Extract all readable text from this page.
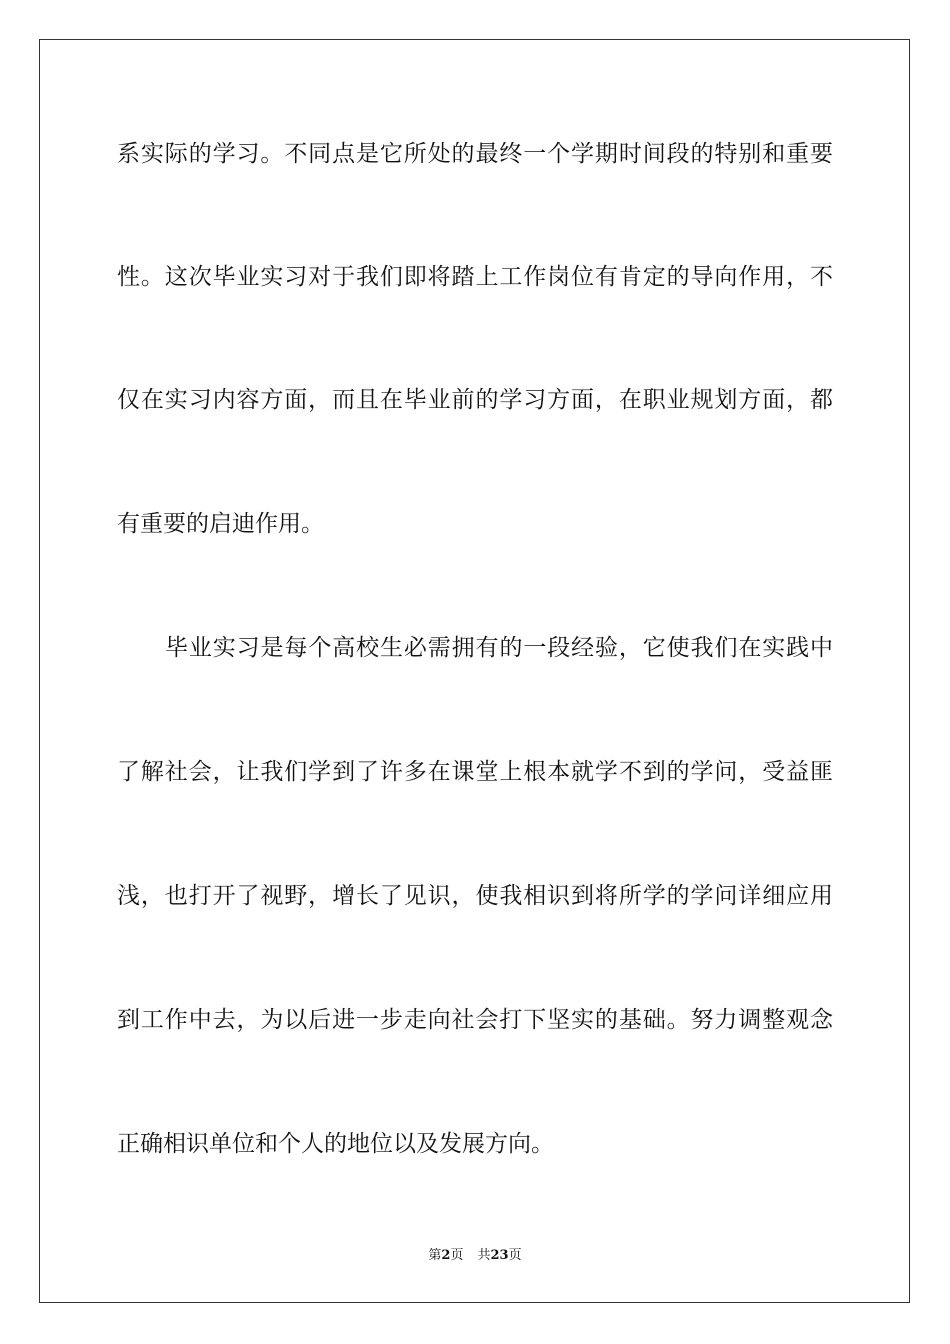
系实际的学习。不同点是它所处的最终一个学期时间段的特别和重要
性。这次毕业实习对于我们即将踏上工作岗位有肯定的导向作用，不
仅在实习内容方面，而且在毕业前的学习方面，在职业规划方面，都
有重要的启迪作用。
毕业实习是每个高校生必需拥有的一段经验，它使我们在实践中
了解社会，让我们学到了许多在课堂上根本就学不到的学问，受益匪
浅，也打开了视野，增长了见识，使我相识到将所学的学问详细应用
到工作中去，为以后进一步走向社会打下坚实的基础。努力调整观念
正确相识单位和个人的地位以及发展方向。
第2页 共23页
